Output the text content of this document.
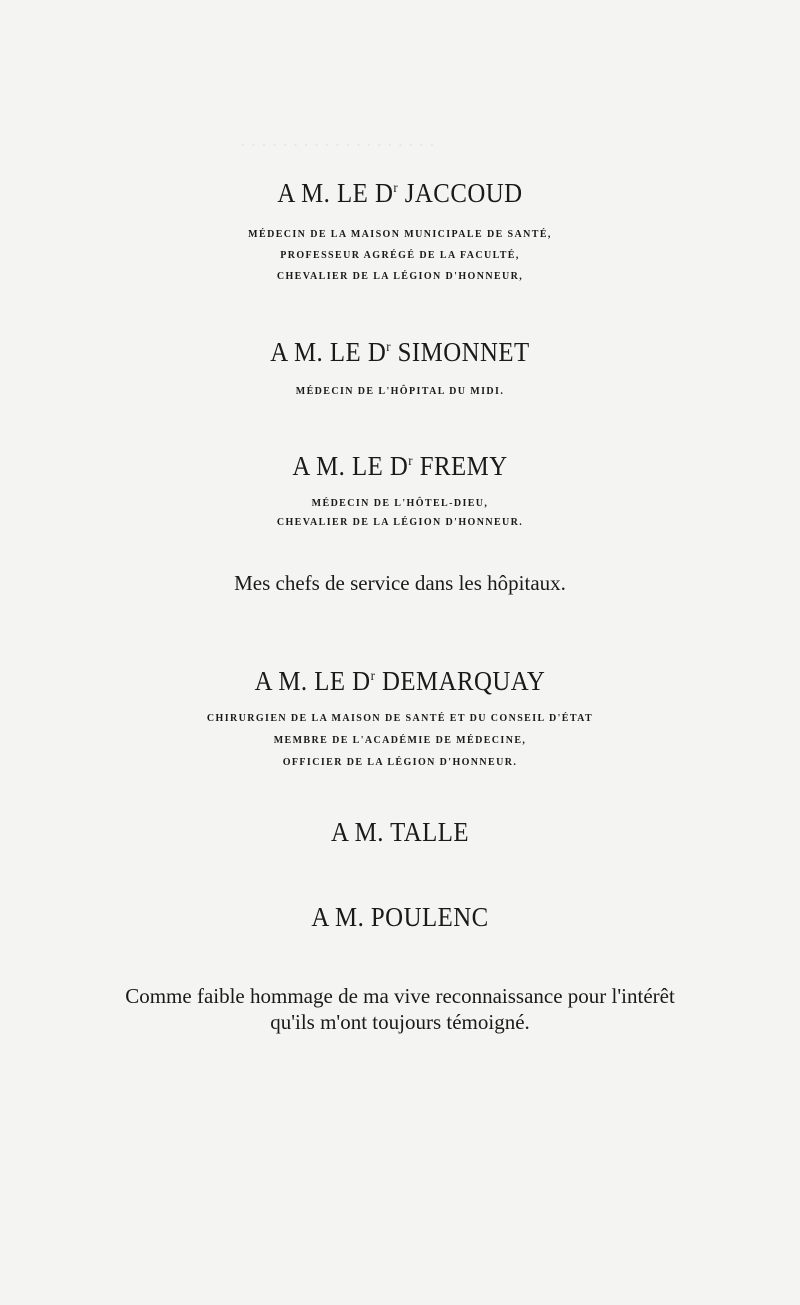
· · · · · · · · · · · · · · · · · · ·
A M. LE $D^r$ JACCOUD
MÉDECIN DE LA MAISON MUNICIPALE DE SANTÉ,
PROFESSEUR AGRÉGÉ DE LA FACULTÉ,
CHEVALIER DE LA LÉGION D'HONNEUR,
A M. LE $D^r$ SIMONNET
MÉDECIN DE L'HÔPITAL DU MIDI.
A M. LE $D^r$ FREMY
MÉDECIN DE L'HÔTEL-DIEU,
CHEVALIER DE LA LÉGION D'HONNEUR.
Mes chefs de service dans les hôpitaux.
A M. LE $D^r$ DEMARQUAY
CHIRURGIEN DE LA MAISON DE SANTÉ ET DU CONSEIL D'ÉTAT
MEMBRE DE L'ACADÉMIE DE MÉDECINE,
OFFICIER DE LA LÉGION D'HONNEUR.
A M. TALLE
A M. POULENC
Comme faible hommage de ma vive reconnaissance pour l'intérêt
qu'ils m'ont toujours témoigné.
